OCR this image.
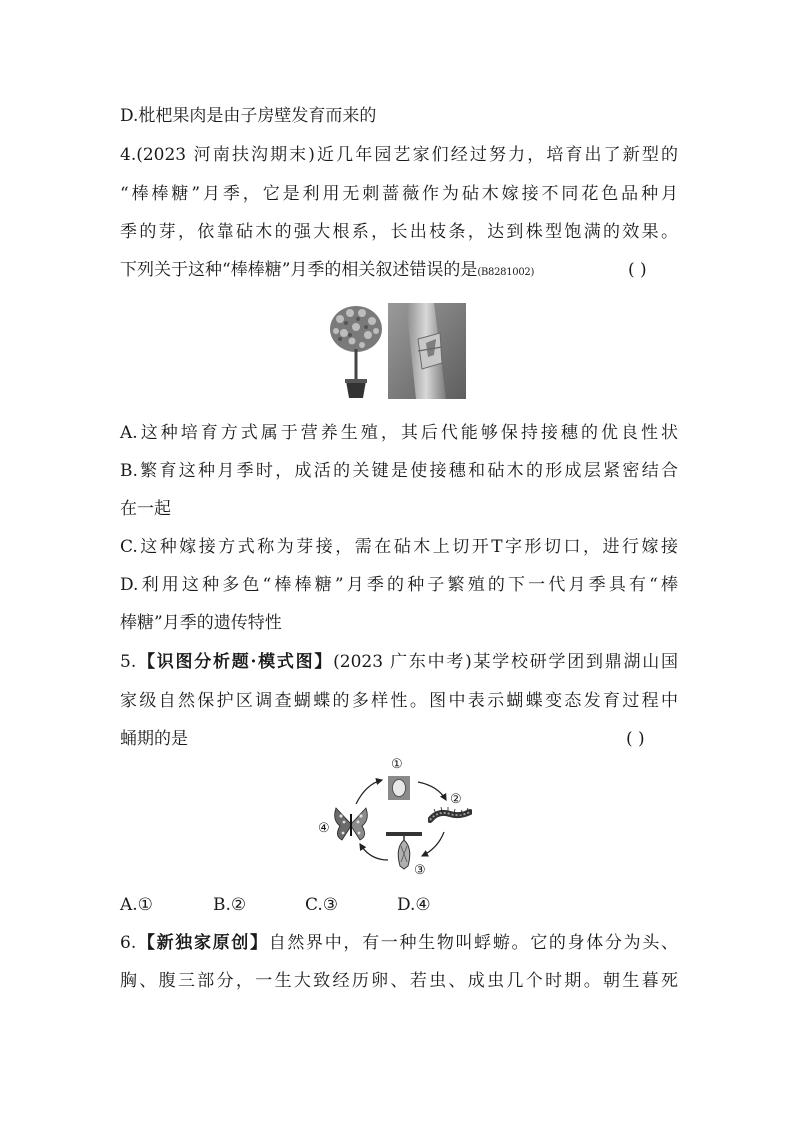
D.枇杷果肉是由子房壁发育而来的
4.(2023 河南扶沟期末)近几年园艺家们经过努力，培育出了新型的
“棒棒糖”月季，它是利用无刺蔷薇作为砧木嫁接不同花色品种月
季的芽，依靠砧木的强大根系，长出枝条，达到株型饱满的效果。
下列关于这种“棒棒糖”月季的相关叙述错误的是(B8281002)	( )
A.这种培育方式属于营养生殖，其后代能够保持接穗的优良性状
B.繁育这种月季时，成活的关键是使接穗和砧木的形成层紧密结合
在一起
C.这种嫁接方式称为芽接，需在砧木上切开T字形切口，进行嫁接
D.利用这种多色“棒棒糖”月季的种子繁殖的下一代月季具有“棒
棒糖”月季的遗传特性
5.【识图分析题·模式图】(2023 广东中考)某学校研学团到鼎湖山国
家级自然保护区调查蝴蝶的多样性。图中表示蝴蝶变态发育过程中
蛹期的是	( )
①
②
③
④
A.①	B.②	C.③	D.④
6.【新独家原创】自然界中，有一种生物叫蜉蝣。它的身体分为头、
胸、腹三部分，一生大致经历卵、若虫、成虫几个时期。朝生暮死
